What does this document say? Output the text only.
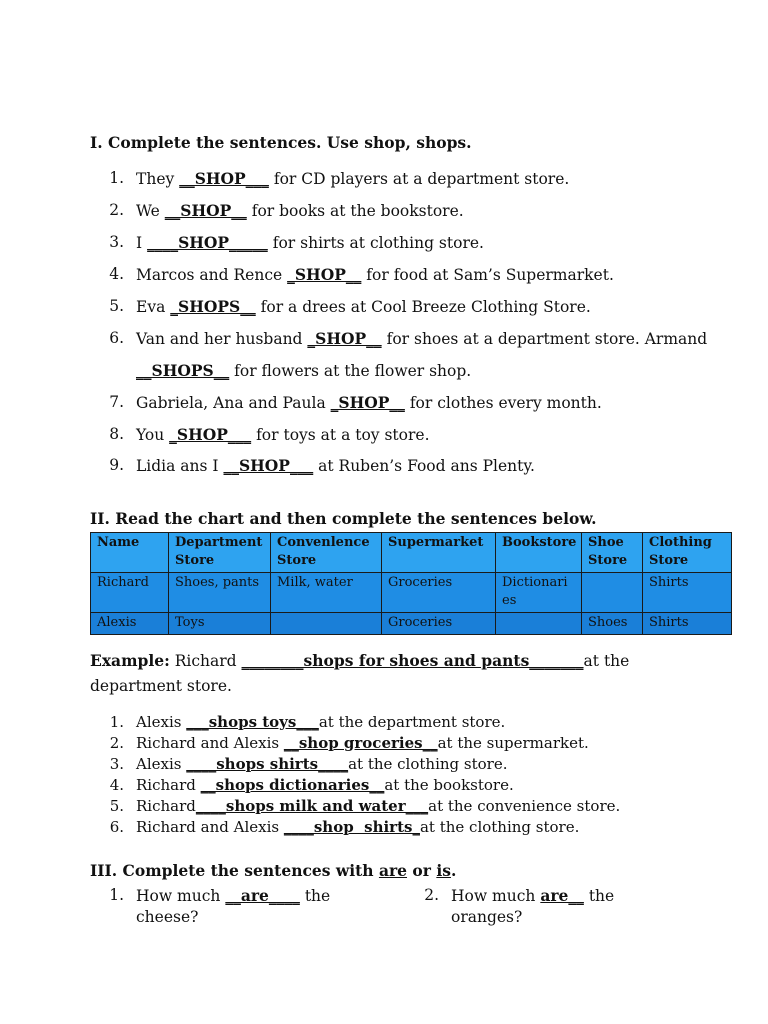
I. Complete the sentences. Use shop, shops.
1. They __SHOP___ for CD players at a department store.
2. We __SHOP__ for books at the bookstore.
3. I ____SHOP_____ for shirts at clothing store.
4. Marcos and Rence _SHOP__ for food at Sam’s Supermarket.
5. Eva _SHOPS__ for a drees at Cool Breeze Clothing Store.
6. Van and her husband _SHOP__ for shoes at a department store. Armand
__SHOPS__ for flowers at the flower shop.
7. Gabriela, Ana and Paula _SHOP__ for clothes every month.
8. You _SHOP___ for toys at a toy store.
9. Lidia ans I __SHOP___ at Ruben’s Food ans Plenty.
II. Read the chart and then complete the sentences below.
Name	Department Store	Convenlence Store	Supermarket	Bookstore	Shoe Store	Clothing Store
Richard	Shoes, pants	Milk, water	Groceries	Dictionaries		Shirts
Alexis	Toys		Groceries		Shoes	Shirts
Example: Richard ________shops for shoes and pants_______at the
department store.
1. Alexis ___shops toys___at the department store.
2. Richard and Alexis __shop groceries__at the supermarket.
3. Alexis ____shops shirts____at the clothing store.
4. Richard __shops dictionaries__at the bookstore.
5. Richard____shops milk and water___at the convenience store.
6. Richard and Alexis ____shop  shirts_at the clothing store.
III. Complete the sentences with are or is.
1. How much __are____ the
cheese?
2. How much are__ the
oranges?
